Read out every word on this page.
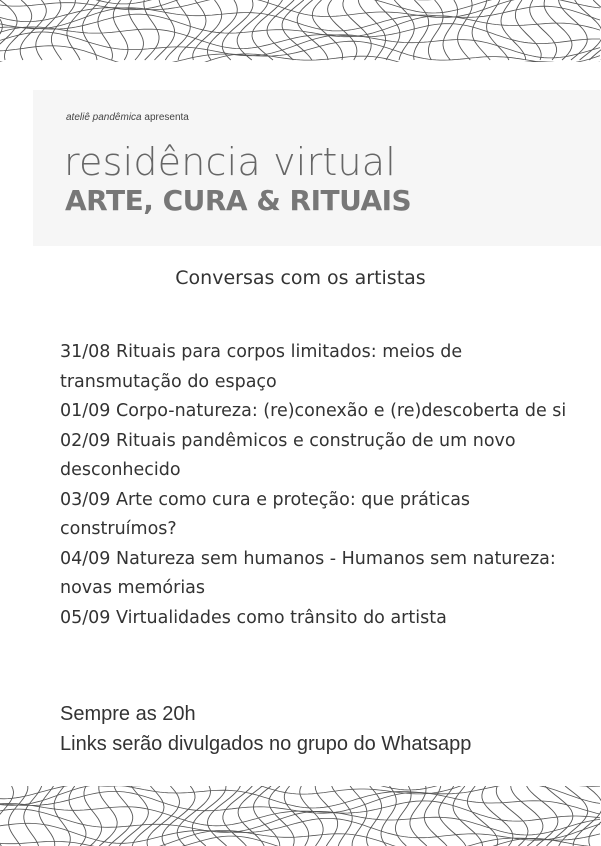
ateliê pandêmica apresenta
residência virtual
ARTE, CURA & RITUAIS
Conversas com os artistas
31/08 Rituais para corpos limitados: meios de transmutação do espaço
01/09 Corpo-natureza: (re)conexão e (re)descoberta de si
02/09 Rituais pandêmicos e construção de um novo desconhecido
03/09 Arte como cura e proteção: que práticas construímos?
04/09 Natureza sem humanos - Humanos sem natureza: novas memórias
05/09 Virtualidades como trânsito do artista
Sempre as 20h
Links serão divulgados no grupo do Whatsapp
